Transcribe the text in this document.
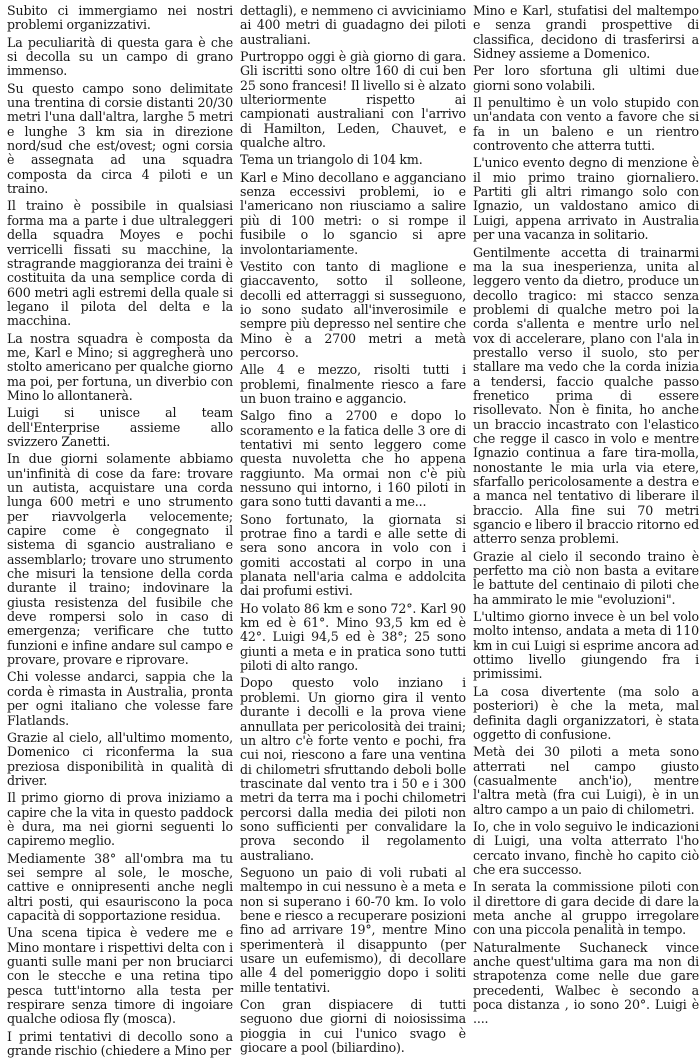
Subito ci immergiamo nei nostri problemi organizzativi.

La peculiarità di questa gara è che si decolla su un campo di grano immenso.

Su questo campo sono delimitate una trentina di corsie distanti 20/30 metri l'una dall'altra, larghe 5 metri e lunghe 3 km sia in direzione nord/sud che est/ovest; ogni corsia è assegnata ad una squadra composta da circa 4 piloti e un traino.

Il traino è possibile in qualsiasi forma ma a parte i due ultraleggeri della squadra Moyes e pochi verricelli fissati su macchine, la stragrande maggioranza dei traini è costituita da una semplice corda di 600 metri agli estremi della quale si legano il pilota del delta e la macchina.

La nostra squadra è composta da me, Karl e Mino; si aggregherà uno stolto americano per qualche giorno ma poi, per fortuna, un diverbio con Mino lo allontanerà.

Luigi si unisce al team dell'Enterprise assieme allo svizzero Zanetti.

In due giorni solamente abbiamo un'infinità di cose da fare: trovare un autista, acquistare una corda lunga 600 metri e uno strumento per riavvolgerla velocemente; capire come è congegnato il sistema di sgancio australiano e assemblarlo; trovare uno strumento che misuri la tensione della corda durante il traino; indovinare la giusta resistenza del fusibile che deve rompersi solo in caso di emergenza; verificare che tutto funzioni e infine andare sul campo e provare, provare e riprovare.

Chi volesse andarci, sappia che la corda è rimasta in Australia, pronta per ogni italiano che volesse fare Flatlands.

Grazie al cielo, all'ultimo momento, Domenico ci riconferma la sua preziosa disponibilità in qualità di driver.

Il primo giorno di prova iniziamo a capire che la vita in questo paddock è dura, ma nei giorni seguenti lo capiremo meglio.

Mediamente 38° all'ombra ma tu sei sempre al sole, le mosche, cattive e onnipresenti anche negli altri posti, qui esauriscono la poca capacità di sopportazione residua.

Una scena tipica è vedere me e Mino montare i rispettivi delta con i guanti sulle mani per non bruciarci con le stecche e una retina tipo pesca tutt'intorno alla testa per respirare senza timore di ingoiare qualche odiosa fly (mosca).

I primi tentativi di decollo sono a grande rischio (chiedere a Mino per

dettagli), e nemmeno ci avviciniamo ai 400 metri di guadagno dei piloti australiani.

Purtroppo oggi è già giorno di gara. Gli iscritti sono oltre 160 di cui ben 25 sono francesi! Il livello si è alzato ulteriormente rispetto ai campionati australiani con l'arrivo di Hamilton, Leden, Chauvet, e qualche altro.

Tema un triangolo di 104 km.

Karl e Mino decollano e agganciano senza eccessivi problemi, io e l'americano non riusciamo a salire più di 100 metri: o si rompe il fusibile o lo sgancio si apre involontariamente.

Vestito con tanto di maglione e giaccavento, sotto il solleone, decolli ed atterraggi si susseguono, io sono sudato all'inverosimile e sempre più depresso nel sentire che Mino è a 2700 metri a metà percorso.

Alle 4 e mezzo, risolti tutti i problemi, finalmente riesco a fare un buon traino e aggancio.

Salgo fino a 2700 e dopo lo scoramento e la fatica delle 3 ore di tentativi mi sento leggero come questa nuvoletta che ho appena raggiunto. Ma ormai non c'è più nessuno qui intorno, i 160 piloti in gara sono tutti davanti a me...

Sono fortunato, la giornata si protrae fino a tardi e alle sette di sera sono ancora in volo con i gomiti accostati al corpo in una planata nell'aria calma e addolcita dai profumi estivi.

Ho volato 86 km e sono 72°. Karl 90 km ed è 61°. Mino 93,5 km ed è 42°. Luigi 94,5 ed è 38°; 25 sono giunti a meta e in pratica sono tutti piloti di alto rango.

Dopo questo volo inziano i problemi. Un giorno gira il vento durante i decolli e la prova viene annullata per pericolosità dei traini; un altro c'è forte vento e pochi, fra cui noi, riescono a fare una ventina di chilometri sfruttando deboli bolle trascinate dal vento tra i 50 e i 300 metri da terra ma i pochi chilometri percorsi dalla media dei piloti non sono sufficienti per convalidare la prova secondo il regolamento australiano.

Seguono un paio di voli rubati al maltempo in cui nessuno è a meta e non si superano i 60-70 km. Io volo bene e riesco a recuperare posizioni fino ad arrivare 19°, mentre Mino sperimenterà il disappunto (per usare un eufemismo), di decollare alle 4 del pomeriggio dopo i soliti mille tentativi.

Con gran dispiacere di tutti seguono due giorni di noiosissima pioggia in cui l'unico svago è giocare a pool (biliardino).

Mino e Karl, stufatisi del maltempo e senza grandi prospettive di classifica, decidono di trasferirsi a Sidney assieme a Domenico.

Per loro sfortuna gli ultimi due giorni sono volabili.

Il penultimo è un volo stupido con un'andata con vento a favore che si fa in un baleno e un rientro controvento che atterra tutti.

L'unico evento degno di menzione è il mio primo traino giornaliero. Partiti gli altri rimango solo con Ignazio, un valdostano amico di Luigi, appena arrivato in Australia per una vacanza in solitario.

Gentilmente accetta di trainarmi ma la sua inesperienza, unita al leggero vento da dietro, produce un decollo tragico: mi stacco senza problemi di qualche metro poi la corda s'allenta e mentre urlo nel vox di accelerare, plano con l'ala in prestallo verso il suolo, sto per stallare ma vedo che la corda inizia a tendersi, faccio qualche passo frenetico prima di essere risollevato. Non è finita, ho anche un braccio incastrato con l'elastico che regge il casco in volo e mentre Ignazio continua a fare tira-molla, nonostante le mia urla via etere, sfarfallo pericolosamente a destra e a manca nel tentativo di liberare il braccio. Alla fine sui 70 metri sgancio e libero il braccio ritorno ed atterro senza problemi.

Grazie al cielo il secondo traino è perfetto ma ciò non basta a evitare le battute del centinaio di piloti che ha ammirato le mie "evoluzioni".

L'ultimo giorno invece è un bel volo molto intenso, andata a meta di 110 km in cui Luigi si esprime ancora ad ottimo livello giungendo fra i primissimi.

La cosa divertente (ma solo a posteriori) è che la meta, mal definita dagli organizzatori, è stata oggetto di confusione.

Metà dei 30 piloti a meta sono atterrati nel campo giusto (casualmente anch'io), mentre l'altra metà (fra cui Luigi), è in un altro campo a un paio di chilometri.

Io, che in volo seguivo le indicazioni di Luigi, una volta atterrato l'ho cercato invano, finchè ho capito ciò che era successo.

In serata la commissione piloti con il direttore di gara decide di dare la meta anche al gruppo irregolare con una piccola penalità in tempo.

Naturalmente Suchaneck vince anche quest'ultima gara ma non di strapotenza come nelle due gare precedenti, Walbec è secondo a poca distanza , io sono 20°. Luigi è ....
